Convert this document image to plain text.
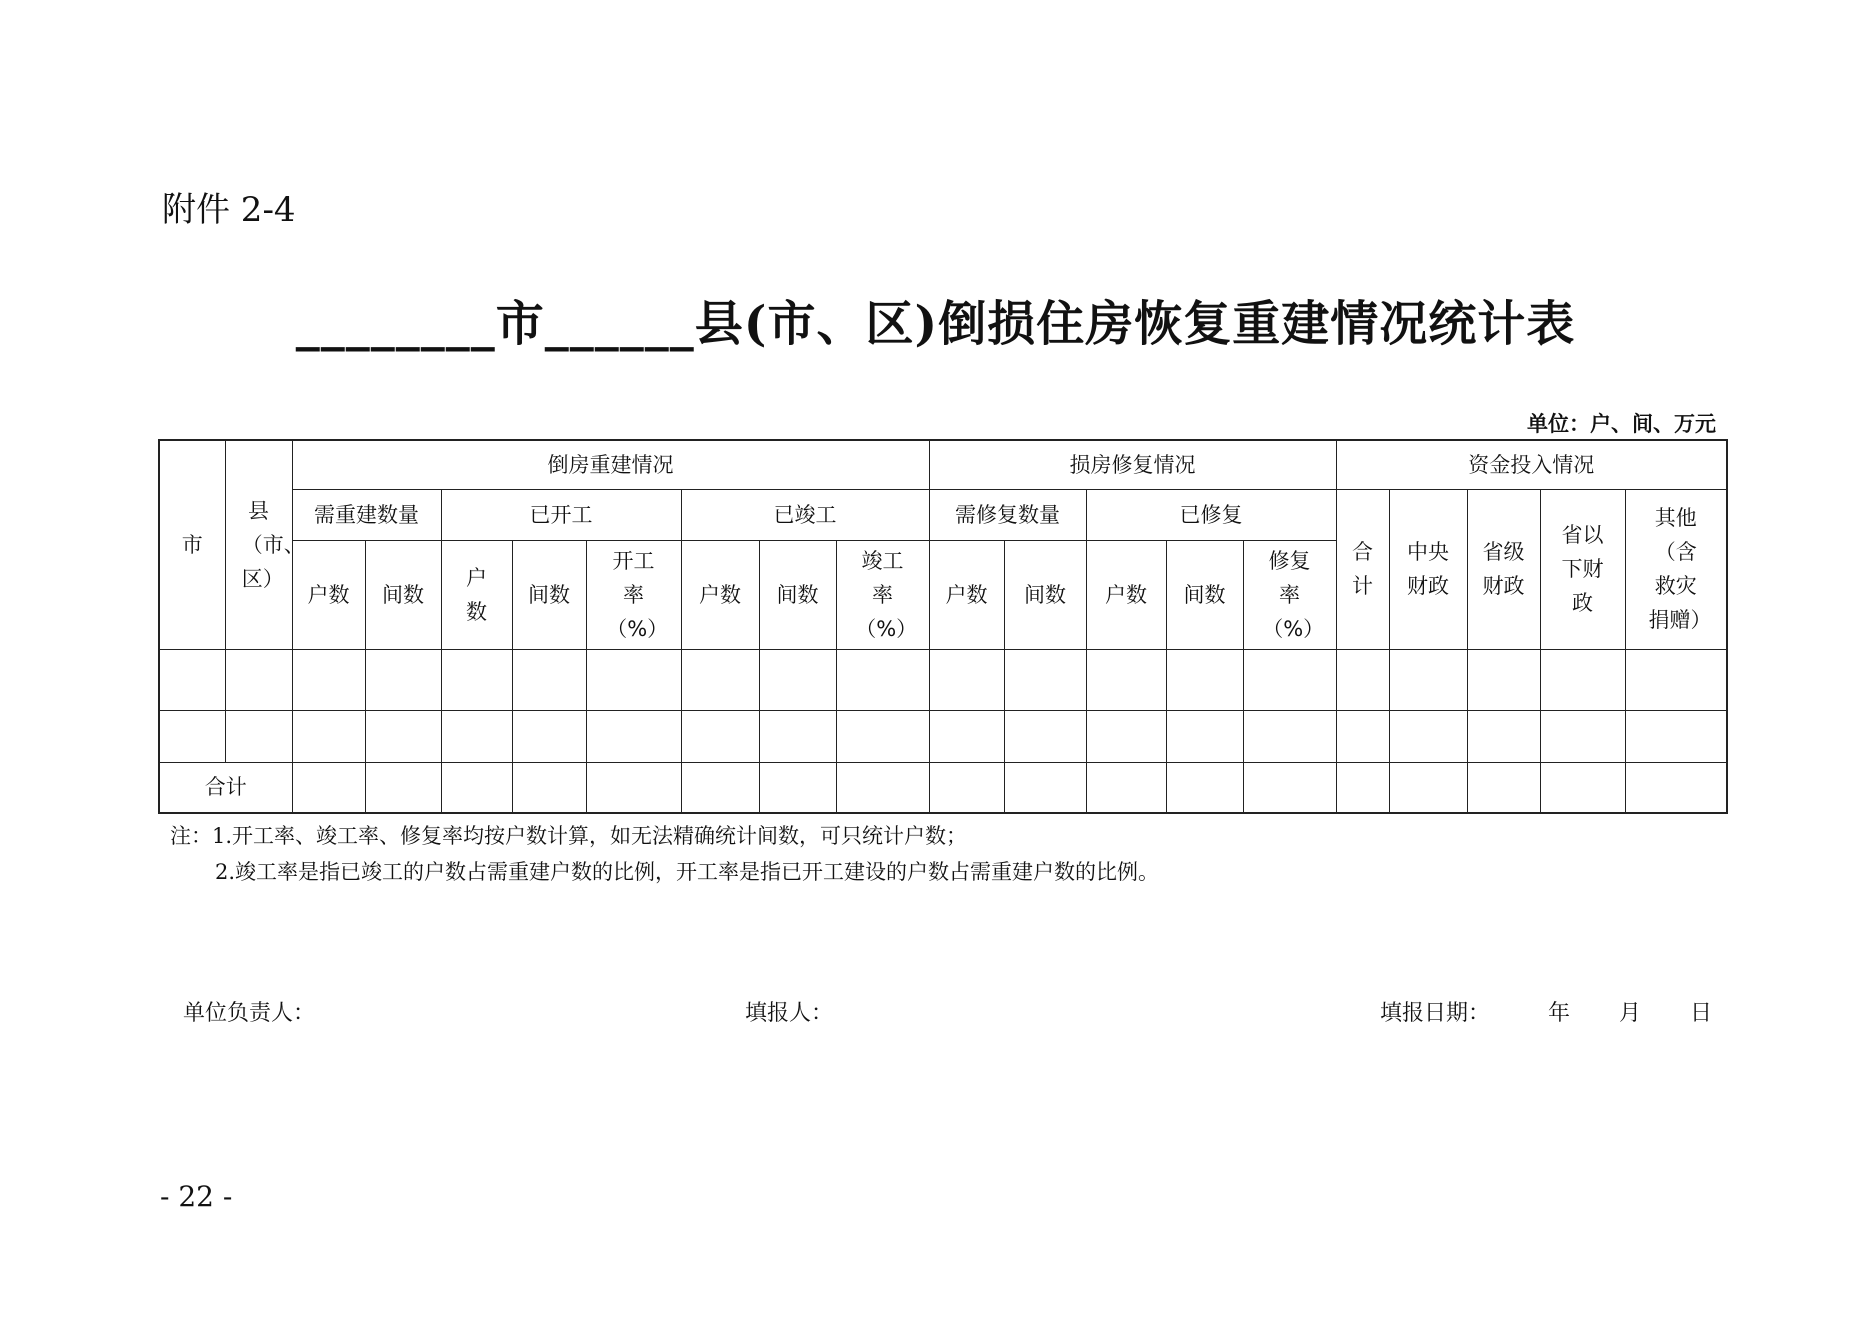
附件 2-4
________市______县(市、区)倒损住房恢复重建情况统计表
单位：户、间、万元
市	县（市、区）	倒房重建情况								损房修复情况					资金投入情况				
		需重建数量		已开工			已竣工			需修复数量		已修复			合计	中央财政	省级财政	省以下财政	其他（含救灾捐赠）

		户数	间数	户数	间数	开工率（%）	户数	间数	竣工率（%）	户数	间数	户数	间数	修复率（%）					

合计																			
注：1.开工率、竣工率、修复率均按户数计算，如无法精确统计间数，可只统计户数；
2.竣工率是指已竣工的户数占需重建户数的比例，开工率是指已开工建设的户数占需重建户数的比例。
单位负责人：	填报人：	填报日期：	年 月 日
- 22 -
